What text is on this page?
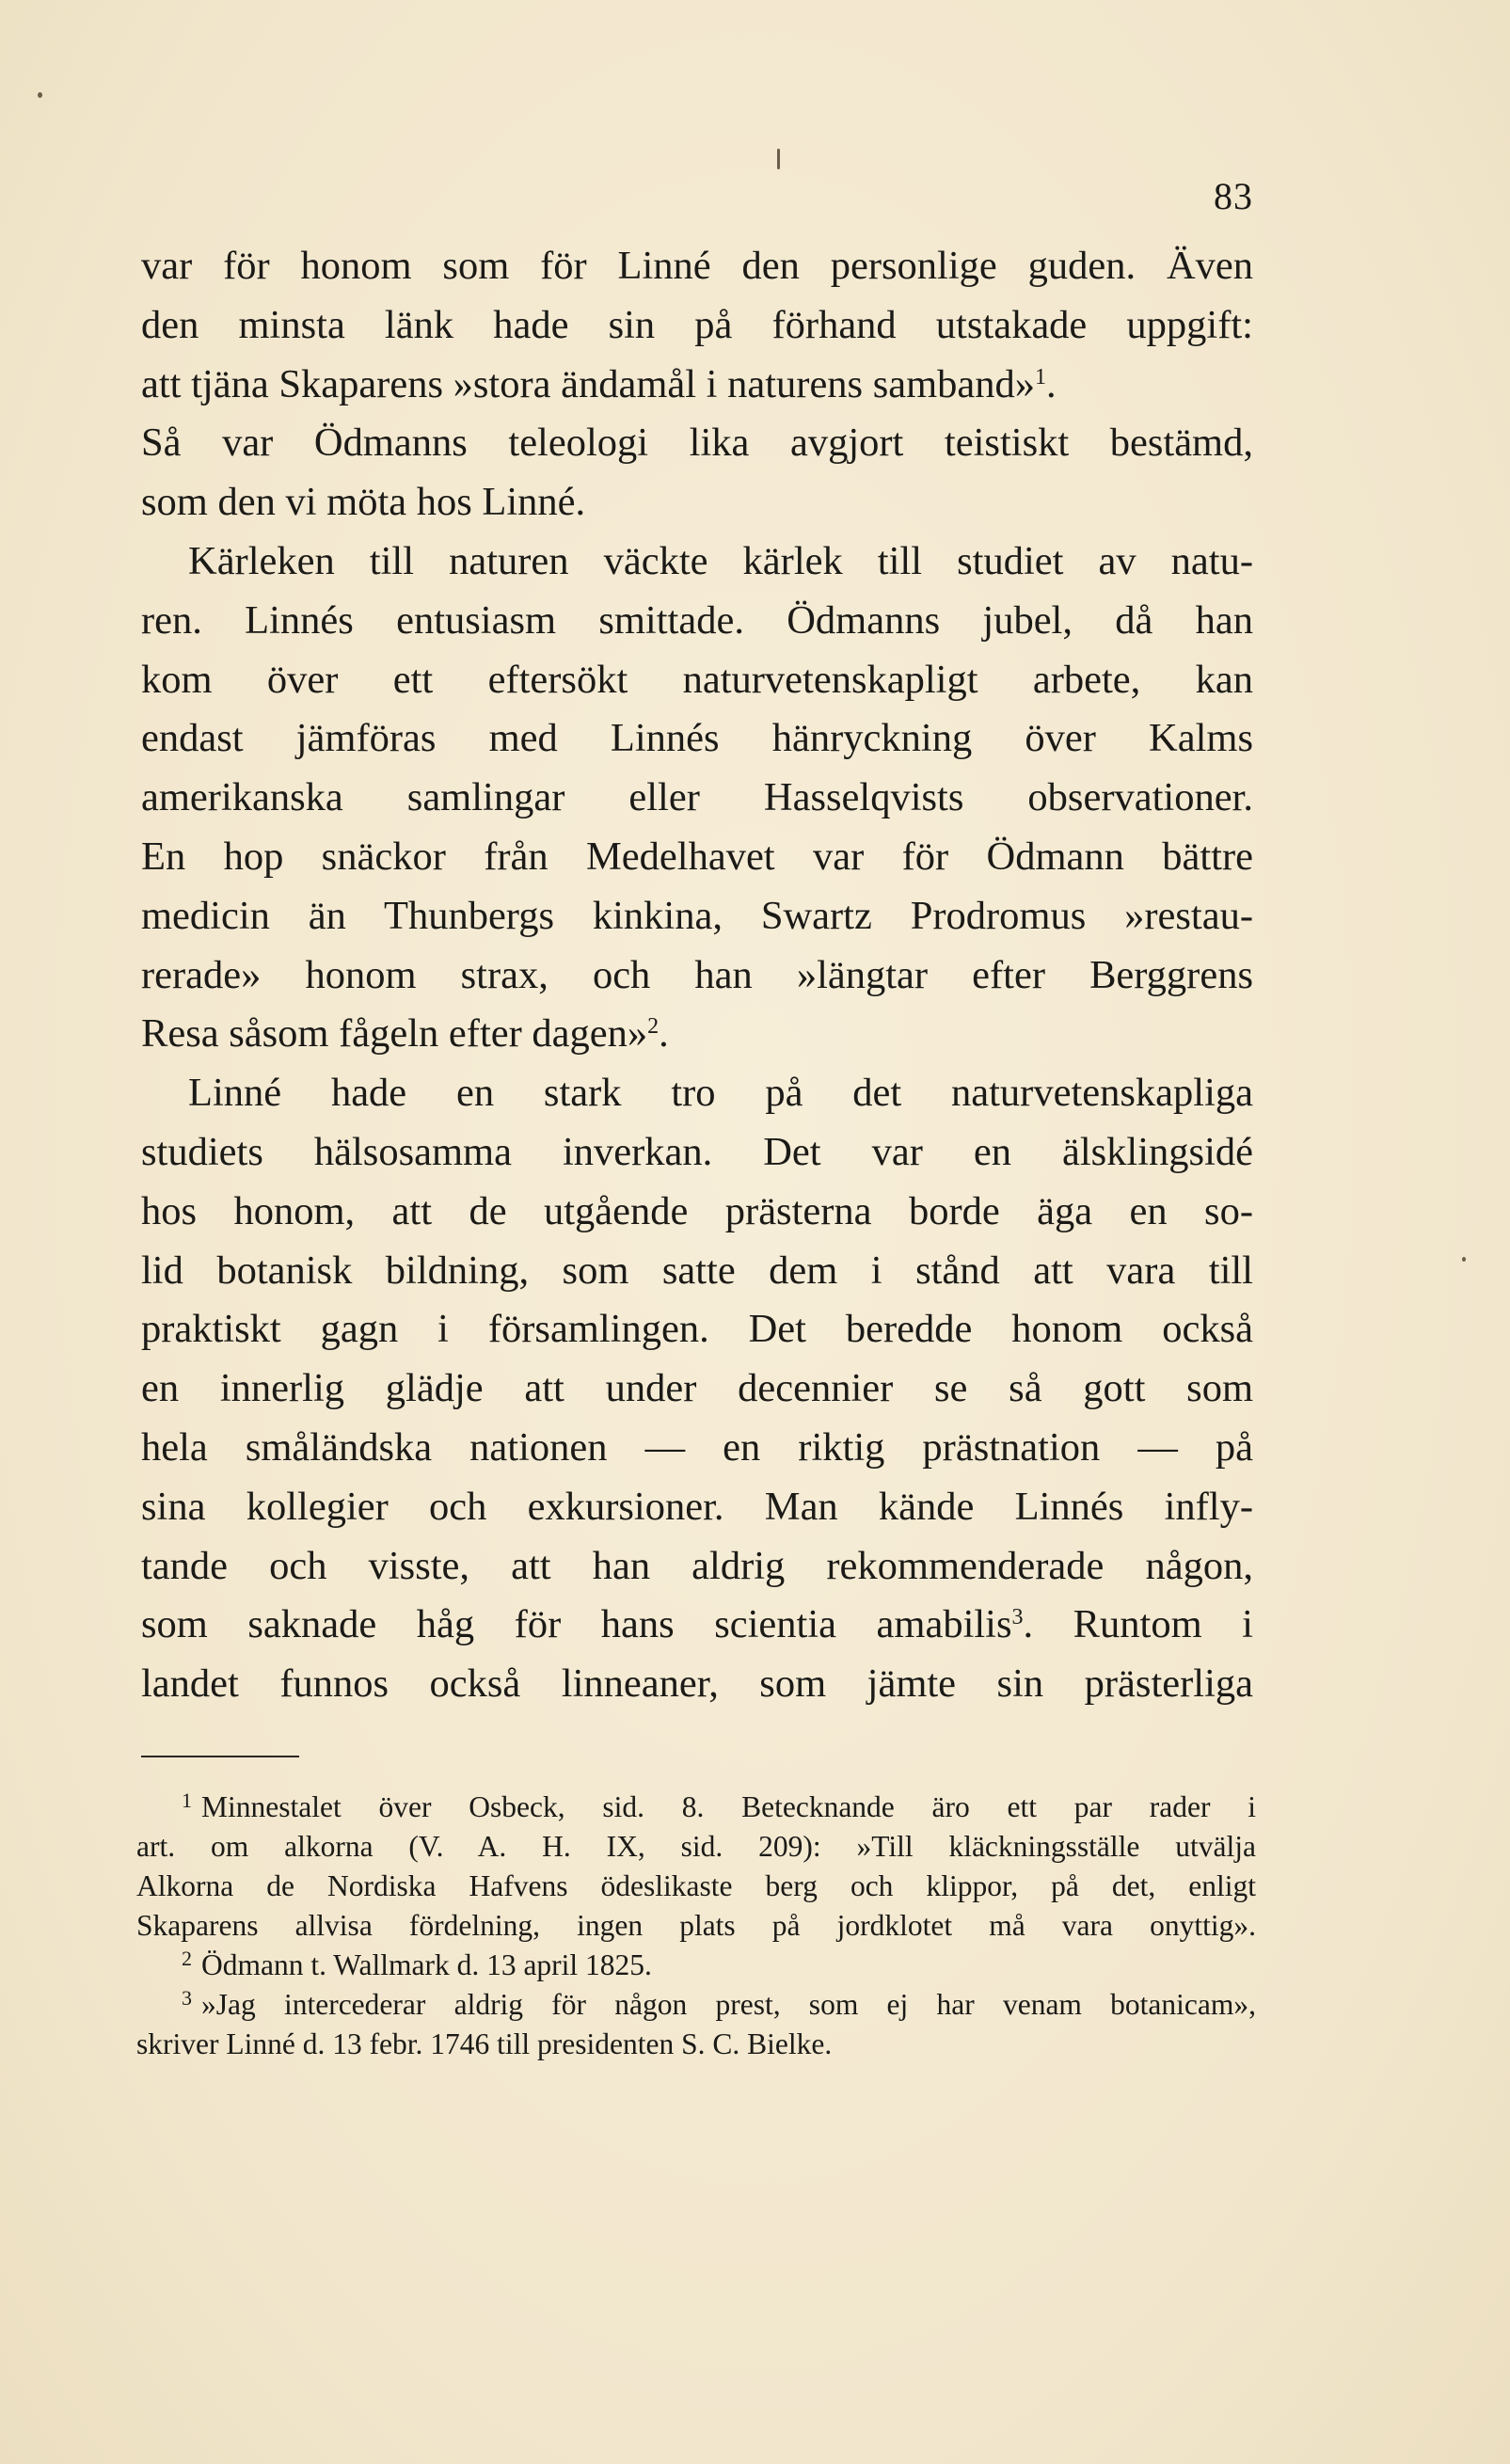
83
var för honom som för Linné den personlige guden. Även
den minsta länk hade sin på förhand utstakade uppgift:
att tjäna Skaparens »stora ändamål i naturens samband»$^1$.
Så var Ödmanns teleologi lika avgjort teistiskt bestämd,
som den vi möta hos Linné.
Kärleken till naturen väckte kärlek till studiet av natu-
ren. Linnés entusiasm smittade. Ödmanns jubel, då han
kom över ett eftersökt naturvetenskapligt arbete, kan
endast jämföras med Linnés hänryckning över Kalms
amerikanska samlingar eller Hasselqvists observationer.
En hop snäckor från Medelhavet var för Ödmann bättre
medicin än Thunbergs kinkina, Swartz Prodromus »restau-
rerade» honom strax, och han »längtar efter Berggrens
Resa såsom fågeln efter dagen»$^2$.
Linné hade en stark tro på det naturvetenskapliga
studiets hälsosamma inverkan. Det var en älsklingsidé
hos honom, att de utgående prästerna borde äga en so-
lid botanisk bildning, som satte dem i stånd att vara till
praktiskt gagn i församlingen. Det beredde honom också
en innerlig glädje att under decennier se så gott som
hela småländska nationen — en riktig prästnation — på
sina kollegier och exkursioner. Man kände Linnés infly-
tande och visste, att han aldrig rekommenderade någon,
som saknade håg för hans scientia amabilis$^3$. Runtom i
landet funnos också linneaner, som jämte sin prästerliga
$^1$ Minnestalet över Osbeck, sid. 8. Betecknande äro ett par rader i
art. om alkorna (V. A. H. IX, sid. 209): »Till kläckningsställe utvälja
Alkorna de Nordiska Hafvens ödeslikaste berg och klippor, på det, enligt
Skaparens allvisa fördelning, ingen plats på jordklotet må vara onyttig».
$^2$ Ödmann t. Wallmark d. 13 april 1825.
$^3$ »Jag intercederar aldrig för någon prest, som ej har venam botanicam»,
skriver Linné d. 13 febr. 1746 till presidenten S. C. Bielke.
